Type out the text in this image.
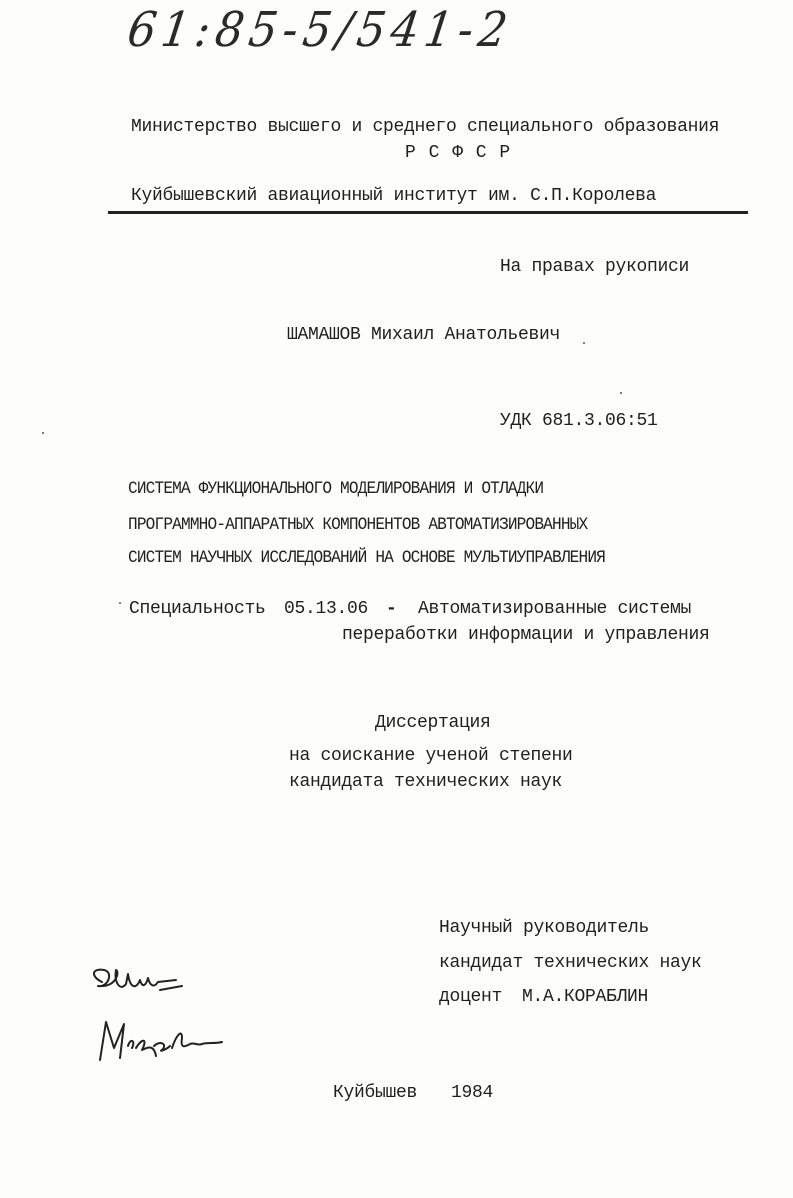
61:85-5/541-2
Министерство высшего и среднего специального образования
Р С Ф С Р
Куйбышевский авиационный институт им. С.П.Королева
На правах рукописи
ШАМАШОВ Михаил Анатольевич
УДК 681.3.06:51
СИСТЕМА ФУНКЦИОНАЛЬНОГО МОДЕЛИРОВАНИЯ И ОТЛАДКИ
ПРОГРАММНО-АППАРАТНЫХ КОМПОНЕНТОВ АВТОМАТИЗИРОВАННЫХ
СИСТЕМ НАУЧНЫХ ИССЛЕДОВАНИЙ НА ОСНОВЕ МУЛЬТИУПРАВЛЕНИЯ
Специальность 05.13.06 - Автоматизированные системы
переработки информации и управления
Диссертация
на соискание ученой степени
кандидата технических наук
Научный руководитель
кандидат технических наук
доцент М.А.КОРАБЛИН
Куйбышев 1984
